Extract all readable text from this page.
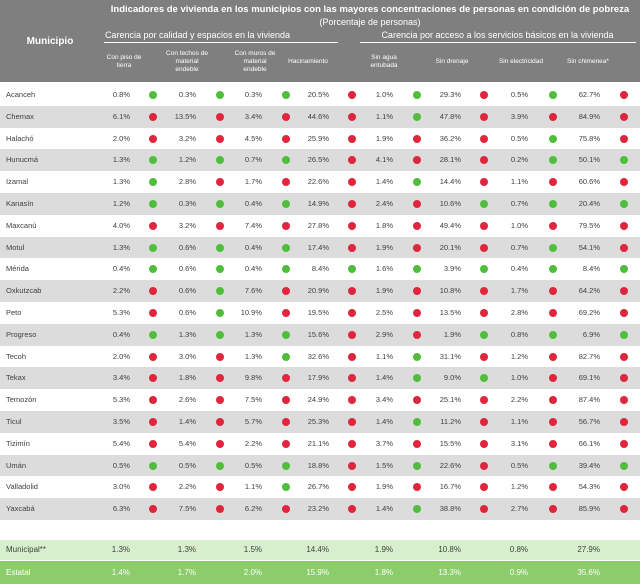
Indicadores de vivienda en los municipios con las mayores concentraciones de personas en condición de pobreza
(Porcentaje de personas)
Municipio
Carencia por calidad y espacios en la vivienda	Carencia por acceso a los servicios básicos en la vivienda
Con piso de tierra
Con techos de material endeble
Con muros de material endeble
Hacinamiento
Sin agua entubada
Sin drenaje	Sin electricidad	Sin chimenea*
Acanceh	0.8%	0.3%	0.3%	20.5%	1.0%	29.3%	0.5%	62.7%
Chemax	6.1%	13.5%	3.4%	44.6%	1.1%	47.8%	3.9%	84.9%
Halachó	2.0%	3.2%	4.5%	25.9%	1.9%	36.2%	0.5%	75.8%
Hunucmá	1.3%	1.2%	0.7%	26.5%	4.1%	28.1%	0.2%	50.1%
Izamal	1.3%	2.8%	1.7%	22.6%	1.4%	14.4%	1.1%	60.6%
Kanasín	1.2%	0.3%	0.4%	14.9%	2.4%	10.6%	0.7%	20.4%
Maxcanú	4.0%	3.2%	7.4%	27.8%	1.8%	49.4%	1.0%	79.5%
Motul	1.3%	0.6%	0.4%	17.4%	1.9%	20.1%	0.7%	54.1%
Mérida	0.4%	0.6%	0.4%	8.4%	1.6%	3.9%	0.4%	8.4%
Oxkutzcab	2.2%	0.6%	7.6%	20.9%	1.9%	10.8%	1.7%	64.2%
Peto	5.3%	0.6%	10.9%	19.5%	2.5%	13.5%	2.8%	69.2%
Progreso	0.4%	1.3%	1.3%	15.6%	2.9%	1.9%	0.8%	6.9%
Tecoh	2.0%	3.0%	1.3%	32.6%	1.1%	31.1%	1.2%	82.7%
Tekax	3.4%	1.8%	9.8%	17.9%	1.4%	9.0%	1.0%	69.1%
Temozón	5.3%	2.6%	7.5%	24.9%	3.4%	25.1%	2.2%	87.4%
Ticul	3.5%	1.4%	5.7%	25.3%	1.4%	11.2%	1.1%	56.7%
Tizimín	5.4%	5.4%	2.2%	21.1%	3.7%	15.5%	3.1%	66.1%
Umán	0.5%	0.5%	0.5%	18.8%	1.5%	22.6%	0.5%	39.4%
Valladolid	3.0%	2.2%	1.1%	26.7%	1.9%	16.7%	1.2%	54.3%
Yaxcabá	6.3%	7.5%	6.2%	23.2%	1.4%	38.8%	2.7%	85.9%
Municipal**	1.3%	1.3%	1.5%	14.4%	1.9%	10.8%	0.8%	27.9%
Estatal	1.4%	1.7%	2.0%	15.9%	1.8%	13.3%	0.9%	35.6%
